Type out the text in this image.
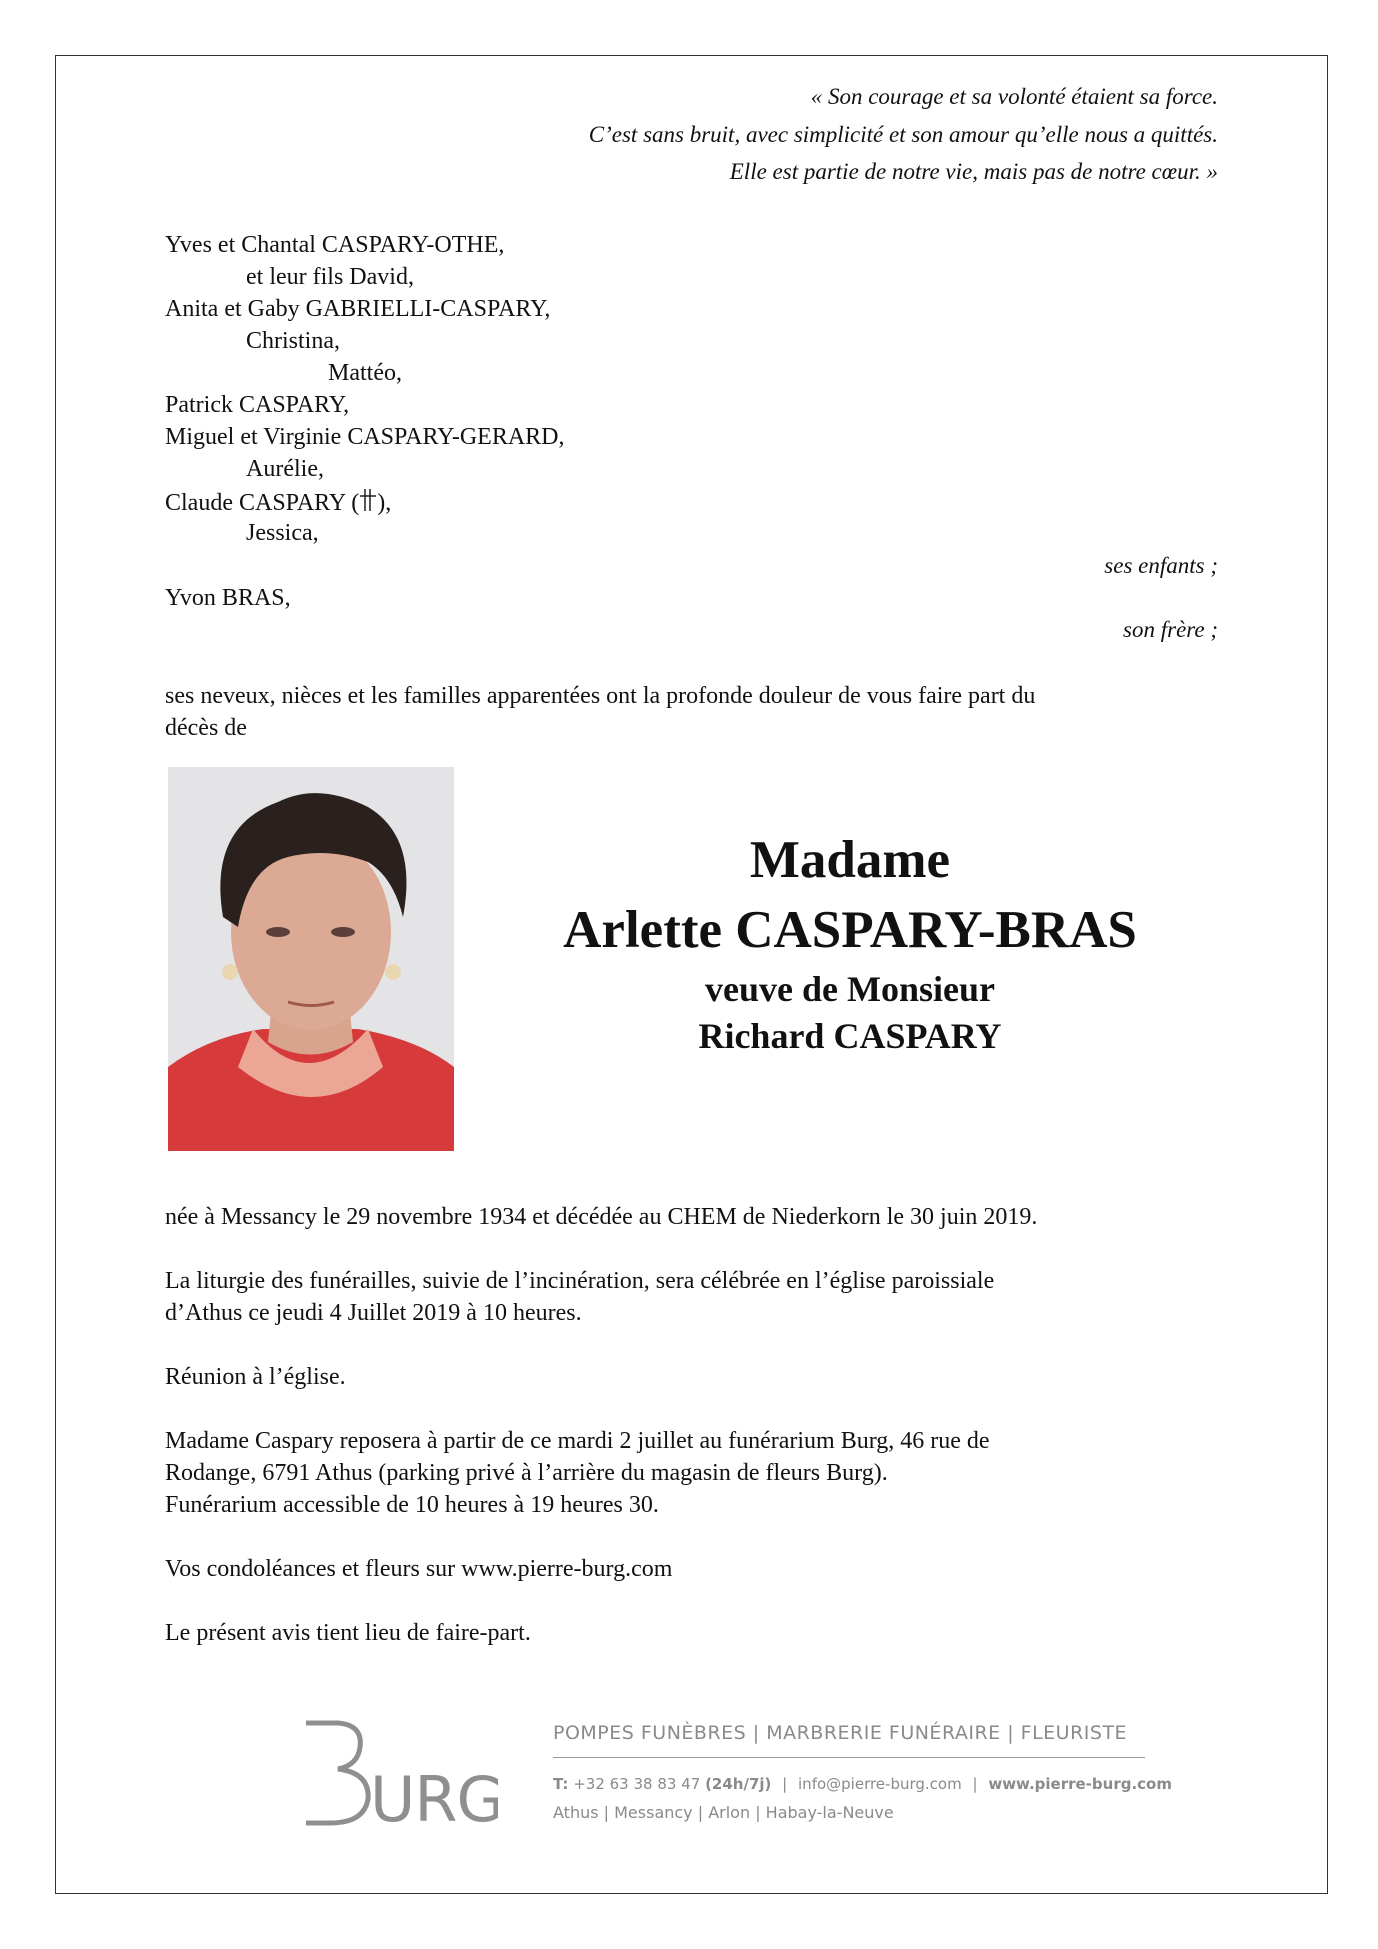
« Son courage et sa volonté étaient sa force.
C’est sans bruit, avec simplicité et son amour qu’elle nous a quittés.
Elle est partie de notre vie, mais pas de notre cœur. »
Yves et Chantal CASPARY-OTHE,
et leur fils David,
Anita et Gaby GABRIELLI-CASPARY,
Christina,
Mattéo,
Patrick CASPARY,
Miguel et Virginie CASPARY-GERARD,
Aurélie,
Claude CASPARY ( ),
Jessica,
ses enfants ;
Yvon BRAS,
son frère ;
ses neveux, nièces et les familles apparentées ont la profonde douleur de vous faire part du
décès de
Madame
Arlette CASPARY-BRAS
veuve de Monsieur
Richard CASPARY
née à Messancy le 29 novembre 1934 et décédée au CHEM de Niederkorn le 30 juin 2019.
La liturgie des funérailles, suivie de l’incinération, sera célébrée en l’église paroissiale
d’Athus ce jeudi 4 Juillet 2019 à 10 heures.
Réunion à l’église.
Madame Caspary reposera à partir de ce mardi 2 juillet au funérarium Burg, 46 rue de
Rodange, 6791 Athus (parking privé à l’arrière du magasin de fleurs Burg).
Funérarium accessible de 10 heures à 19 heures 30.
Vos condoléances et fleurs sur www.pierre-burg.com
Le présent avis tient lieu de faire-part.
URG
POMPES FUNÈBRES | MARBRERIE FUNÉRAIRE | FLEURISTE
T: +32 63 38 83 47 (24h/7j) | info@pierre-burg.com | www.pierre-burg.com
Athus | Messancy | Arlon | Habay-la-Neuve
